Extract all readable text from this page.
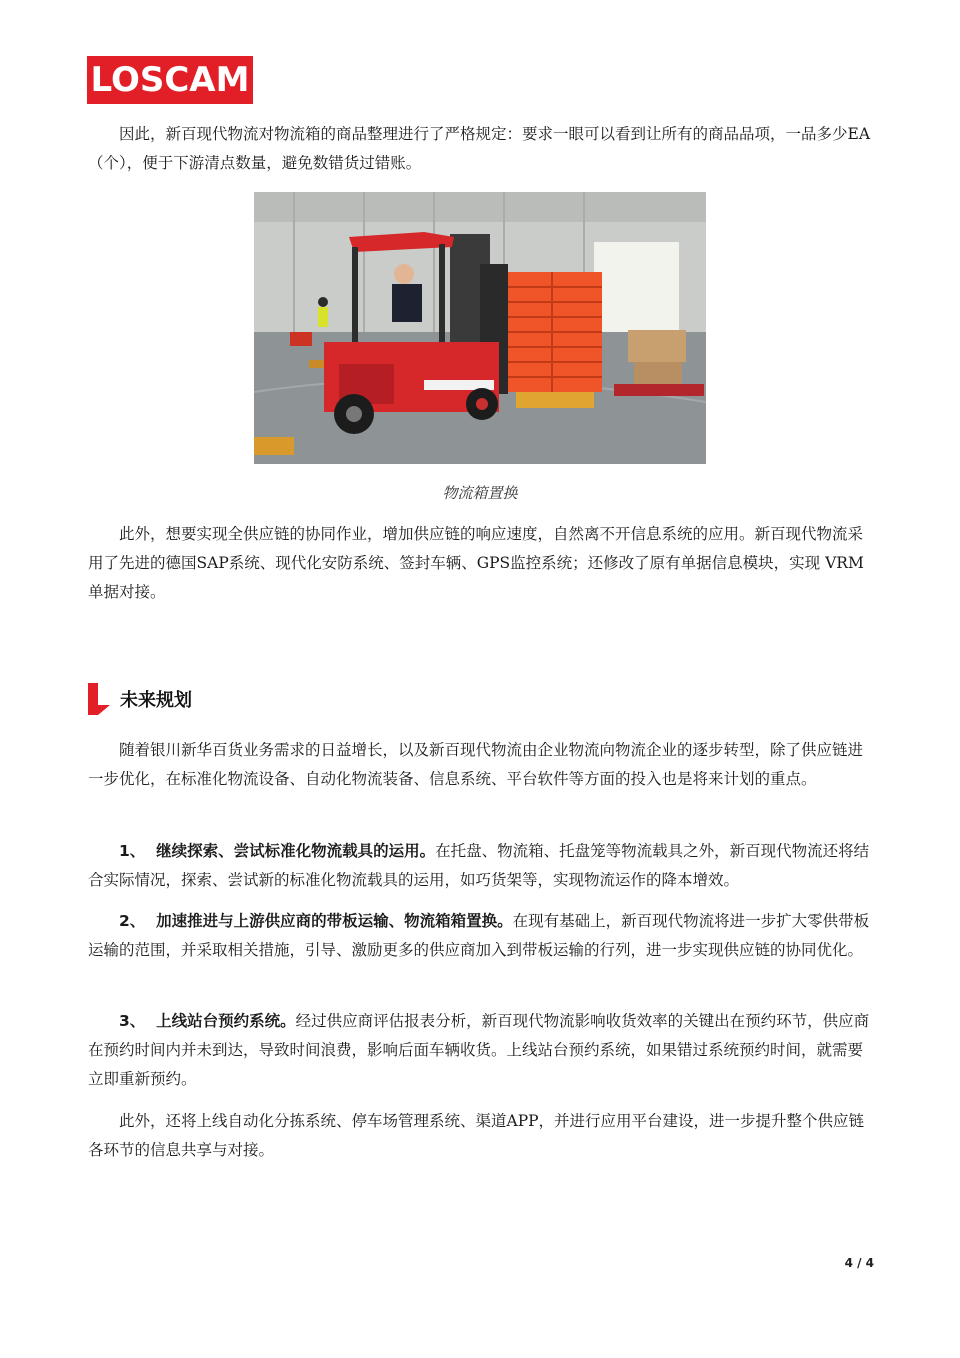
LOSCAM

因此，新百现代物流对物流箱的商品整理进行了严格规定：要求一眼可以看到让所有的商品品项，一品多少EA（个），便于下游清点数量，避免数错货过错账。

物流箱置换

此外，想要实现全供应链的协同作业，增加供应链的响应速度，自然离不开信息系统的应用。新百现代物流采用了先进的德国SAP系统、现代化安防系统、签封车辆、GPS监控系统；还修改了原有单据信息模块，实现 VRM单据对接。

未来规划

随着银川新华百货业务需求的日益增长，以及新百现代物流由企业物流向物流企业的逐步转型，除了供应链进一步优化，在标准化物流设备、自动化物流装备、信息系统、平台软件等方面的投入也是将来计划的重点。

1、 继续探索、尝试标准化物流载具的运用。在托盘、物流箱、托盘笼等物流载具之外，新百现代物流还将结合实际情况，探索、尝试新的标准化物流载具的运用，如巧货架等，实现物流运作的降本增效。

2、 加速推进与上游供应商的带板运输、物流箱箱置换。在现有基础上，新百现代物流将进一步扩大零供带板运输的范围，并采取相关措施，引导、激励更多的供应商加入到带板运输的行列，进一步实现供应链的协同优化。

3、 上线站台预约系统。经过供应商评估报表分析，新百现代物流影响收货效率的关键出在预约环节，供应商在预约时间内并未到达，导致时间浪费，影响后面车辆收货。上线站台预约系统，如果错过系统预约时间，就需要立即重新预约。

此外，还将上线自动化分拣系统、停车场管理系统、渠道APP，并进行应用平台建设，进一步提升整个供应链各环节的信息共享与对接。

4 / 4
